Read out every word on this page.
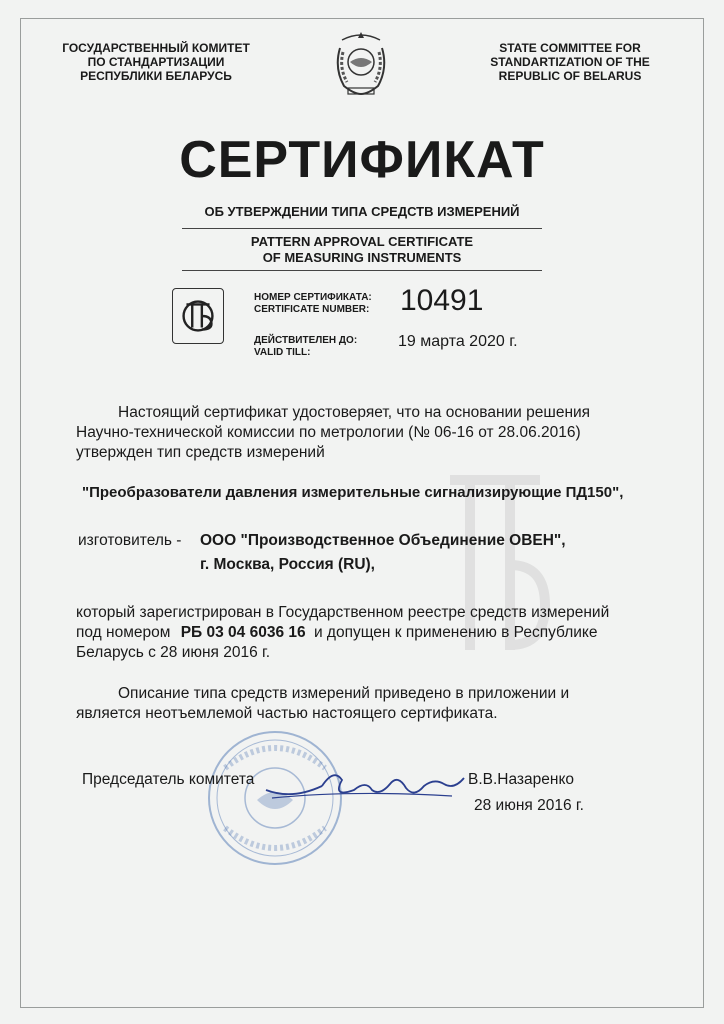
ГОСУДАРСТВЕННЫЙ КОМИТЕТ
ПО СТАНДАРТИЗАЦИИ
РЕСПУБЛИКИ БЕЛАРУСЬ
STATE COMMITTEE FOR
STANDARTIZATION OF THE
REPUBLIC OF BELARUS
СЕРТИФИКАТ
ОБ УТВЕРЖДЕНИИ ТИПА СРЕДСТВ ИЗМЕРЕНИЙ
PATTERN APPROVAL CERTIFICATE
OF MEASURING INSTRUMENTS
НОМЕР СЕРТИФИКАТА:
CERTIFICATE NUMBER: 10491
ДЕЙСТВИТЕЛЕН ДО:
VALID TILL:
19 марта 2020 г.
Настоящий сертификат удостоверяет, что на основании решения
Научно-технической комиссии по метрологии (№ 06-16 от 28.06.2016)
утвержден тип средств измерений
"Преобразователи давления измерительные сигнализирующие ПД150",
изготовитель - ООО "Производственное Объединение ОВЕН",
г. Москва, Россия (RU),
который зарегистрирован в Государственном реестре средств измерений
под номером РБ 03 04 6036 16 и допущен к применению в Республике
Беларусь с 28 июня 2016 г.
Описание типа средств измерений приведено в приложении и
является неотъемлемой частью настоящего сертификата.
Председатель комитета	В.В.Назаренко
28 июня 2016 г.
